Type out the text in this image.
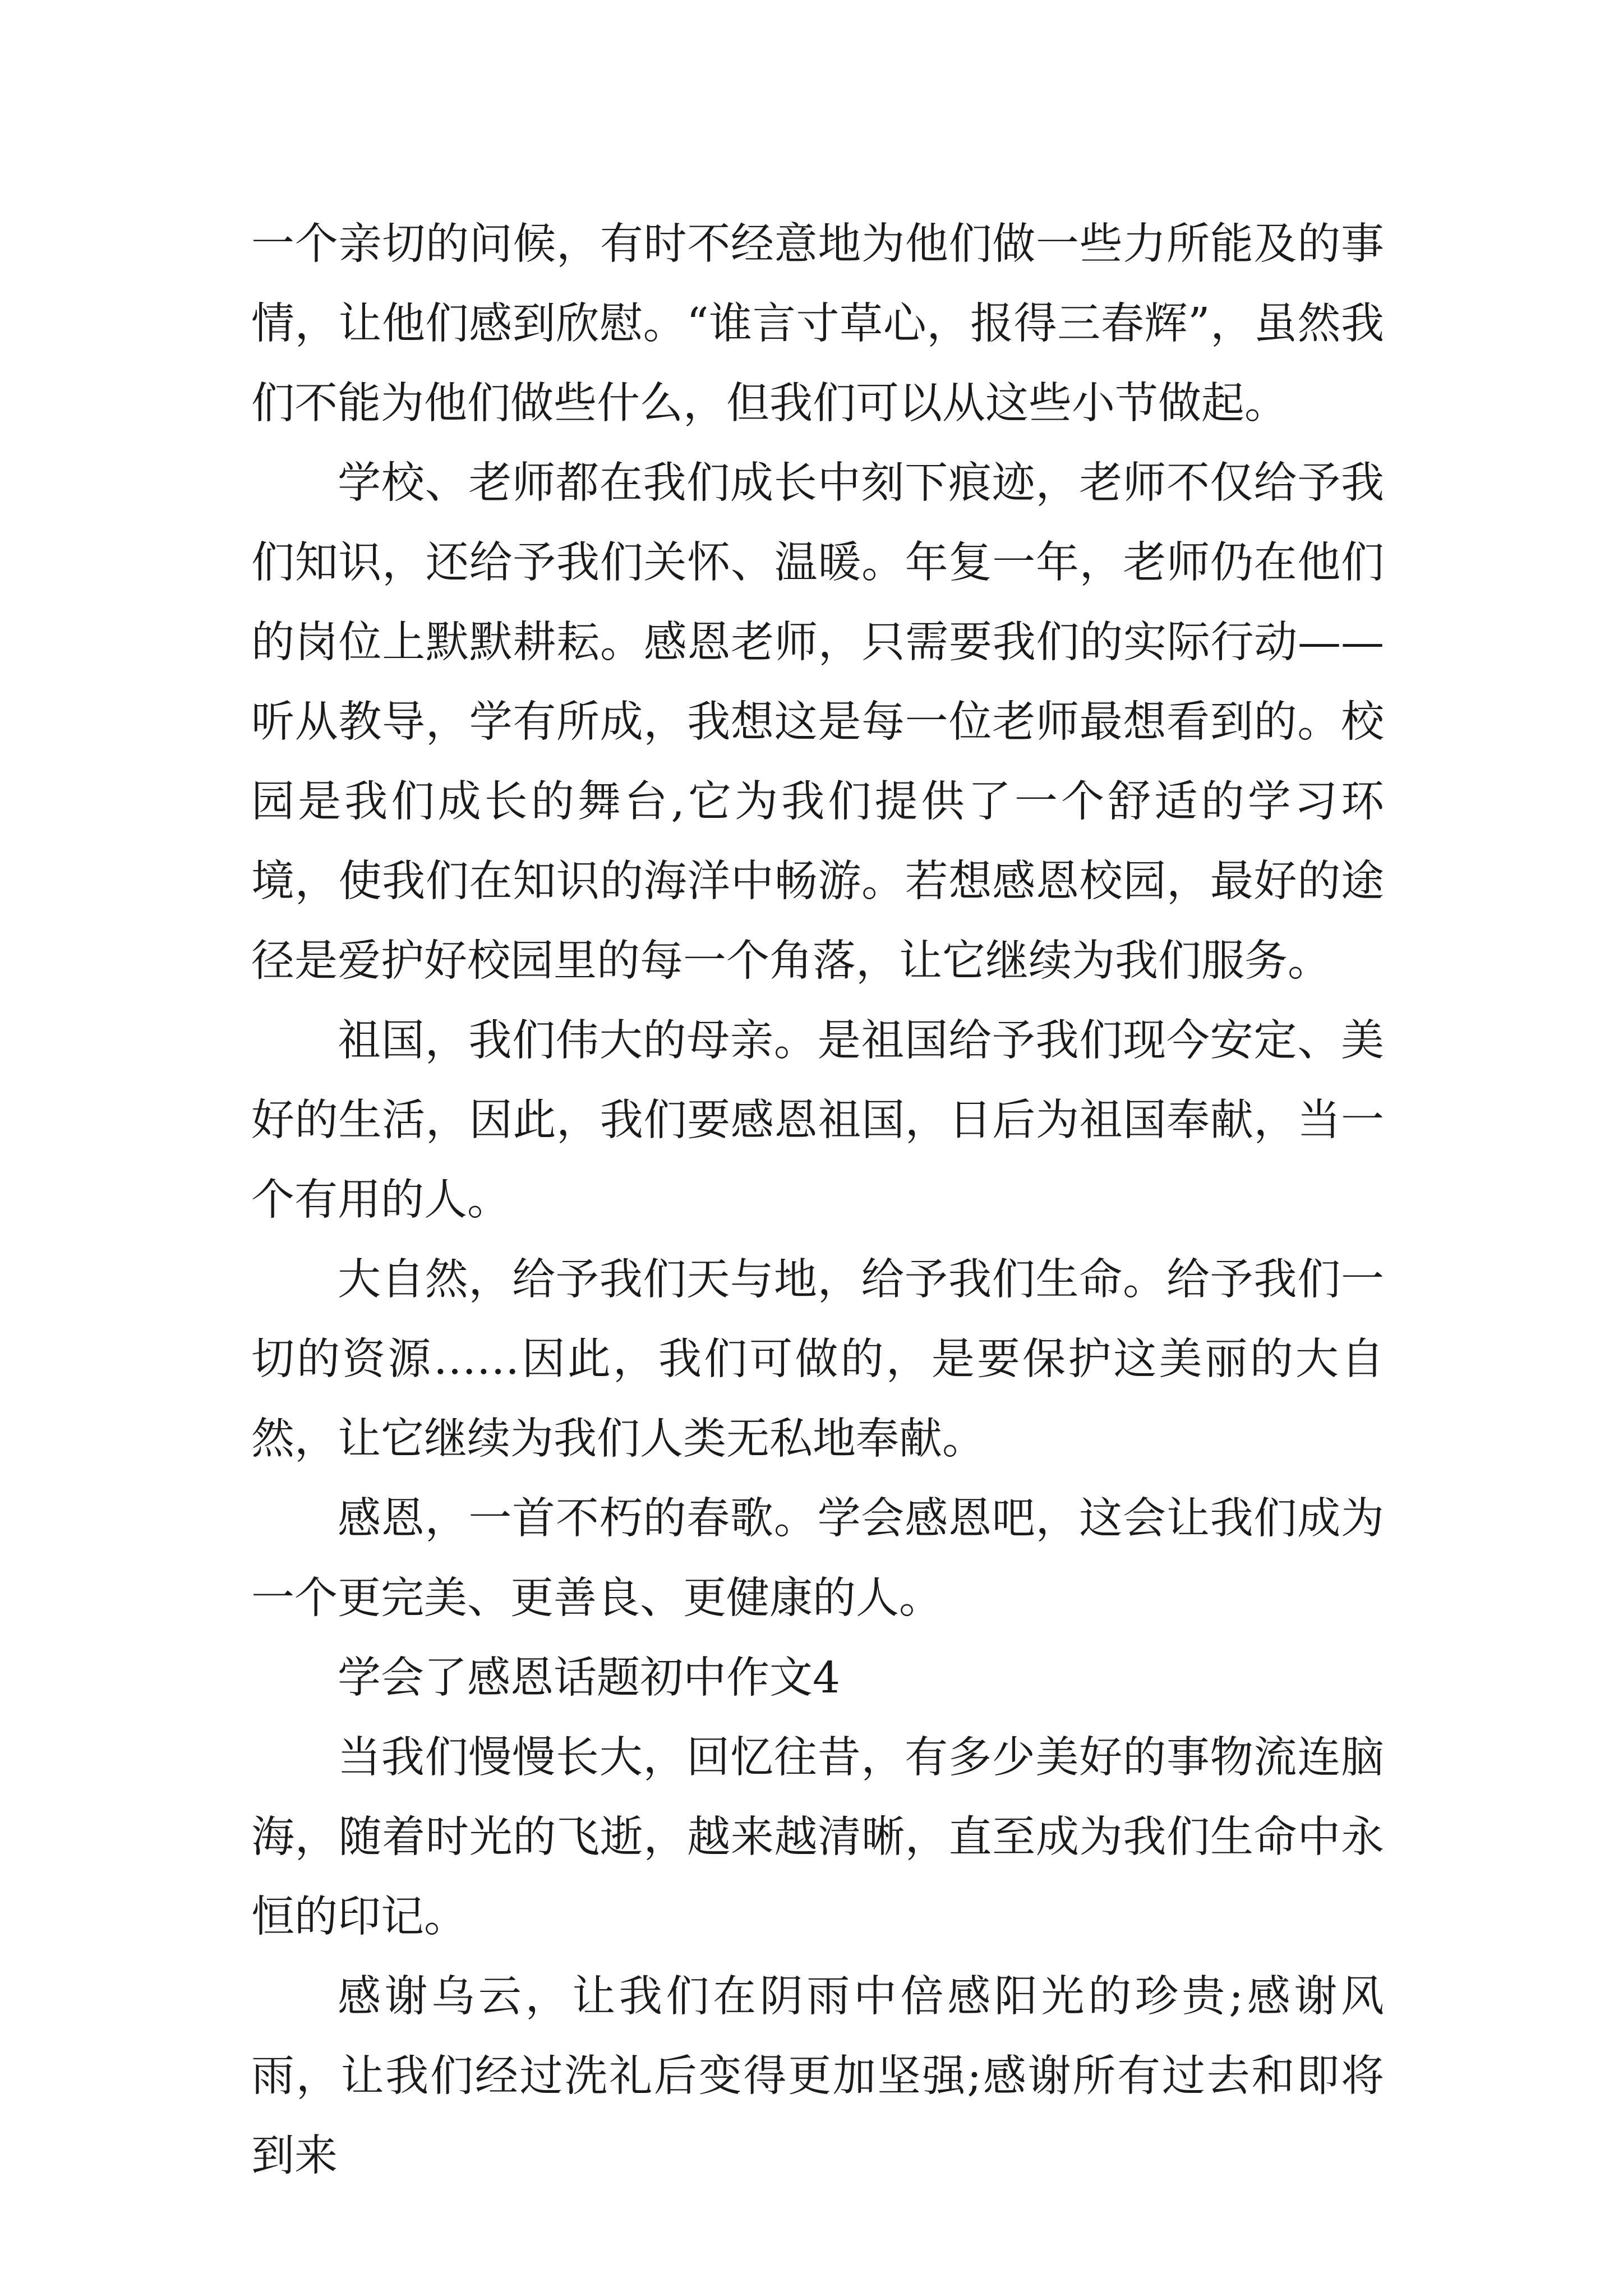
一个亲切的问候，有时不经意地为他们做一些力所能及的事情，让他们感到欣慰。“谁言寸草心，报得三春辉”，虽然我们不能为他们做些什么，但我们可以从这些小节做起。

学校、老师都在我们成长中刻下痕迹，老师不仅给予我们知识，还给予我们关怀、温暖。年复一年，老师仍在他们的岗位上默默耕耘。感恩老师，只需要我们的实际行动——听从教导，学有所成，我想这是每一位老师最想看到的。校园是我们成长的舞台,它为我们提供了一个舒适的学习环境，使我们在知识的海洋中畅游。若想感恩校园，最好的途径是爱护好校园里的每一个角落，让它继续为我们服务。

祖国，我们伟大的母亲。是祖国给予我们现今安定、美好的生活，因此，我们要感恩祖国，日后为祖国奉献，当一个有用的人。

大自然，给予我们天与地，给予我们生命。给予我们一切的资源……因此，我们可做的，是要保护这美丽的大自然，让它继续为我们人类无私地奉献。

感恩，一首不朽的春歌。学会感恩吧，这会让我们成为一个更完美、更善良、更健康的人。

学会了感恩话题初中作文4

当我们慢慢长大，回忆往昔，有多少美好的事物流连脑海，随着时光的飞逝，越来越清晰，直至成为我们生命中永恒的印记。

感谢乌云，让我们在阴雨中倍感阳光的珍贵;感谢风雨，让我们经过洗礼后变得更加坚强;感谢所有过去和即将到来
